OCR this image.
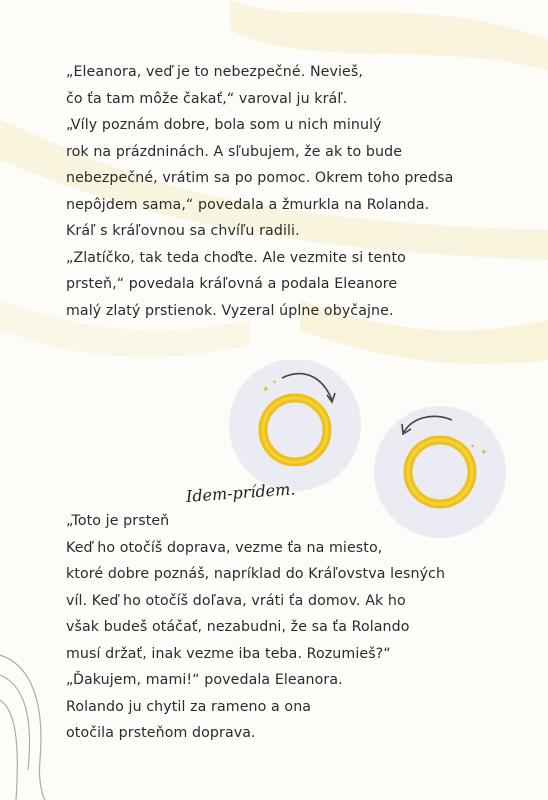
„Eleanora, veď je to nebezpečné. Nevieš,
čo ťa tam môže čakať,“ varoval ju kráľ.
„Víly poznám dobre, bola som u nich minulý
rok na prázdninách. A sľubujem, že ak to bude
nebezpečné, vrátim sa po pomoc. Okrem toho predsa
nepôjdem sama,“ povedala a žmurkla na Rolanda.
Kráľ s kráľovnou sa chvíľu radili.
„Zlatíčko, tak teda choďte. Ale vezmite si tento
prsteň,“ povedala kráľovná a podala Eleanore
malý zlatý prstienok. Vyzeral úplne obyčajne.
✦
✦
✦
✦
Idem-prídem.
„Toto je prsteň
Keď ho otočíš doprava, vezme ťa na miesto,
ktoré dobre poznáš, napríklad do Kráľovstva lesných
víl. Keď ho otočíš doľava, vráti ťa domov. Ak ho
však budeš otáčať, nezabudni, že sa ťa Rolando
musí držať, inak vezme iba teba. Rozumieš?“
„Ďakujem, mami!“ povedala Eleanora.
Rolando ju chytil za rameno a ona
otočila prsteňom doprava.
